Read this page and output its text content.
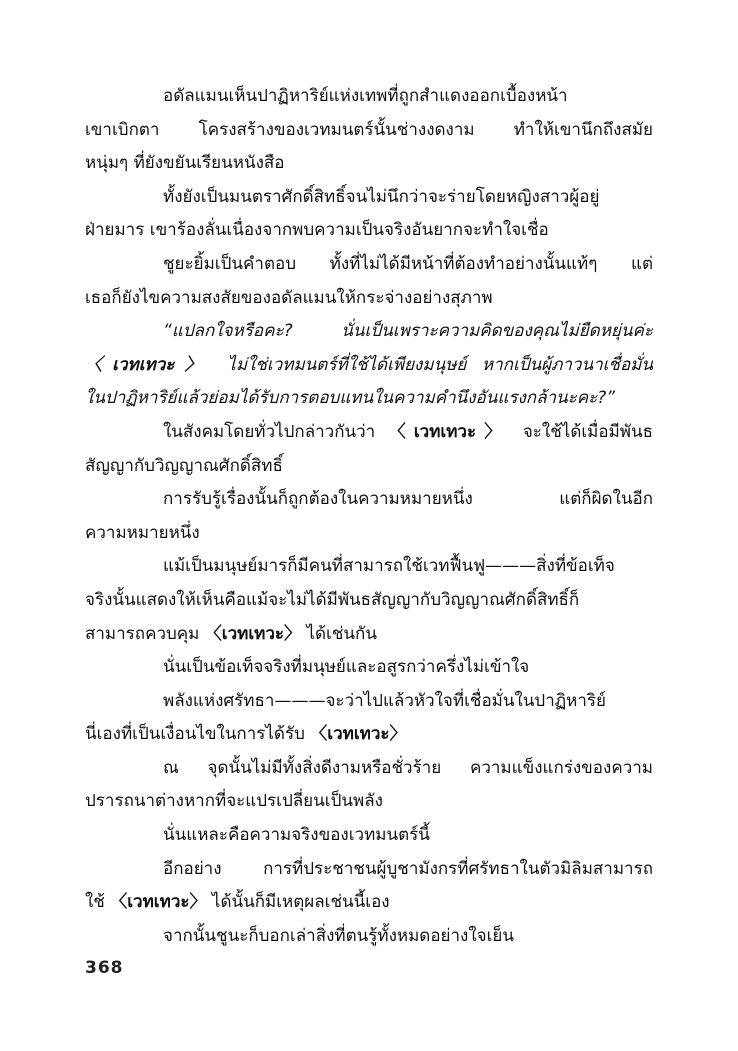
อดัลแมนเห็นปาฏิหาริย์แห่งเทพที่ถูกสำแดงออกเบื้องหน้า
เขาเบิกตา โครงสร้างของเวทมนตร์นั้นช่างงดงาม ทำให้เขานึกถึงสมัย
หนุ่มๆ ที่ยังขยันเรียนหนังสือ
ทั้งยังเป็นมนตราศักดิ์สิทธิ์จนไม่นึกว่าจะร่ายโดยหญิงสาวผู้อยู่
ฝ่ายมาร เขาร้องลั่นเนื่องจากพบความเป็นจริงอันยากจะทำใจเชื่อ
ชูยะยิ้มเป็นคำตอบ ทั้งที่ไม่ได้มีหน้าที่ต้องทำอย่างนั้นแท้ๆ แต่
เธอก็ยังไขความสงสัยของอดัลแมนให้กระจ่างอย่างสุภาพ
“แปลกใจหรือคะ? นั่นเป็นเพราะความคิดของคุณไม่ยืดหยุ่นค่ะ
〈เวทเทวะ〉 ไม่ใช่เวทมนตร์ที่ใช้ได้เพียงมนุษย์ หากเป็นผู้ภาวนาเชื่อมั่น
ในปาฏิหาริย์แล้วย่อมได้รับการตอบแทนในความคำนึงอันแรงกล้านะคะ?”
ในสังคมโดยทั่วไปกล่าวกันว่า 〈เวทเทวะ〉 จะใช้ได้เมื่อมีพันธ
สัญญากับวิญญาณศักดิ์สิทธิ์
การรับรู้เรื่องนั้นก็ถูกต้องในความหมายหนึ่ง แต่ก็ผิดในอีก
ความหมายหนึ่ง
แม้เป็นมนุษย์มารก็มีคนที่สามารถใช้เวทฟื้นฟู———สิ่งที่ข้อเท็จ
จริงนั้นแสดงให้เห็นคือแม้จะไม่ได้มีพันธสัญญากับวิญญาณศักดิ์สิทธิ์ก็
สามารถควบคุม 〈เวทเทวะ〉 ได้เช่นกัน
นั่นเป็นข้อเท็จจริงที่มนุษย์และอสูรกว่าครึ่งไม่เข้าใจ
พลังแห่งศรัทธา———จะว่าไปแล้วหัวใจที่เชื่อมั่นในปาฏิหาริย์
นี่เองที่เป็นเงื่อนไขในการได้รับ 〈เวทเทวะ〉
ณ จุดนั้นไม่มีทั้งสิ่งดีงามหรือชั่วร้าย ความแข็งแกร่งของความ
ปรารถนาต่างหากที่จะแปรเปลี่ยนเป็นพลัง
นั่นแหละคือความจริงของเวทมนตร์นี้
อีกอย่าง การที่ประชาชนผู้บูชามังกรที่ศรัทธาในตัวมิลิมสามารถ
ใช้ 〈เวทเทวะ〉 ได้นั้นก็มีเหตุผลเช่นนี้เอง
จากนั้นชูนะก็บอกเล่าสิ่งที่ตนรู้ทั้งหมดอย่างใจเย็น
368
